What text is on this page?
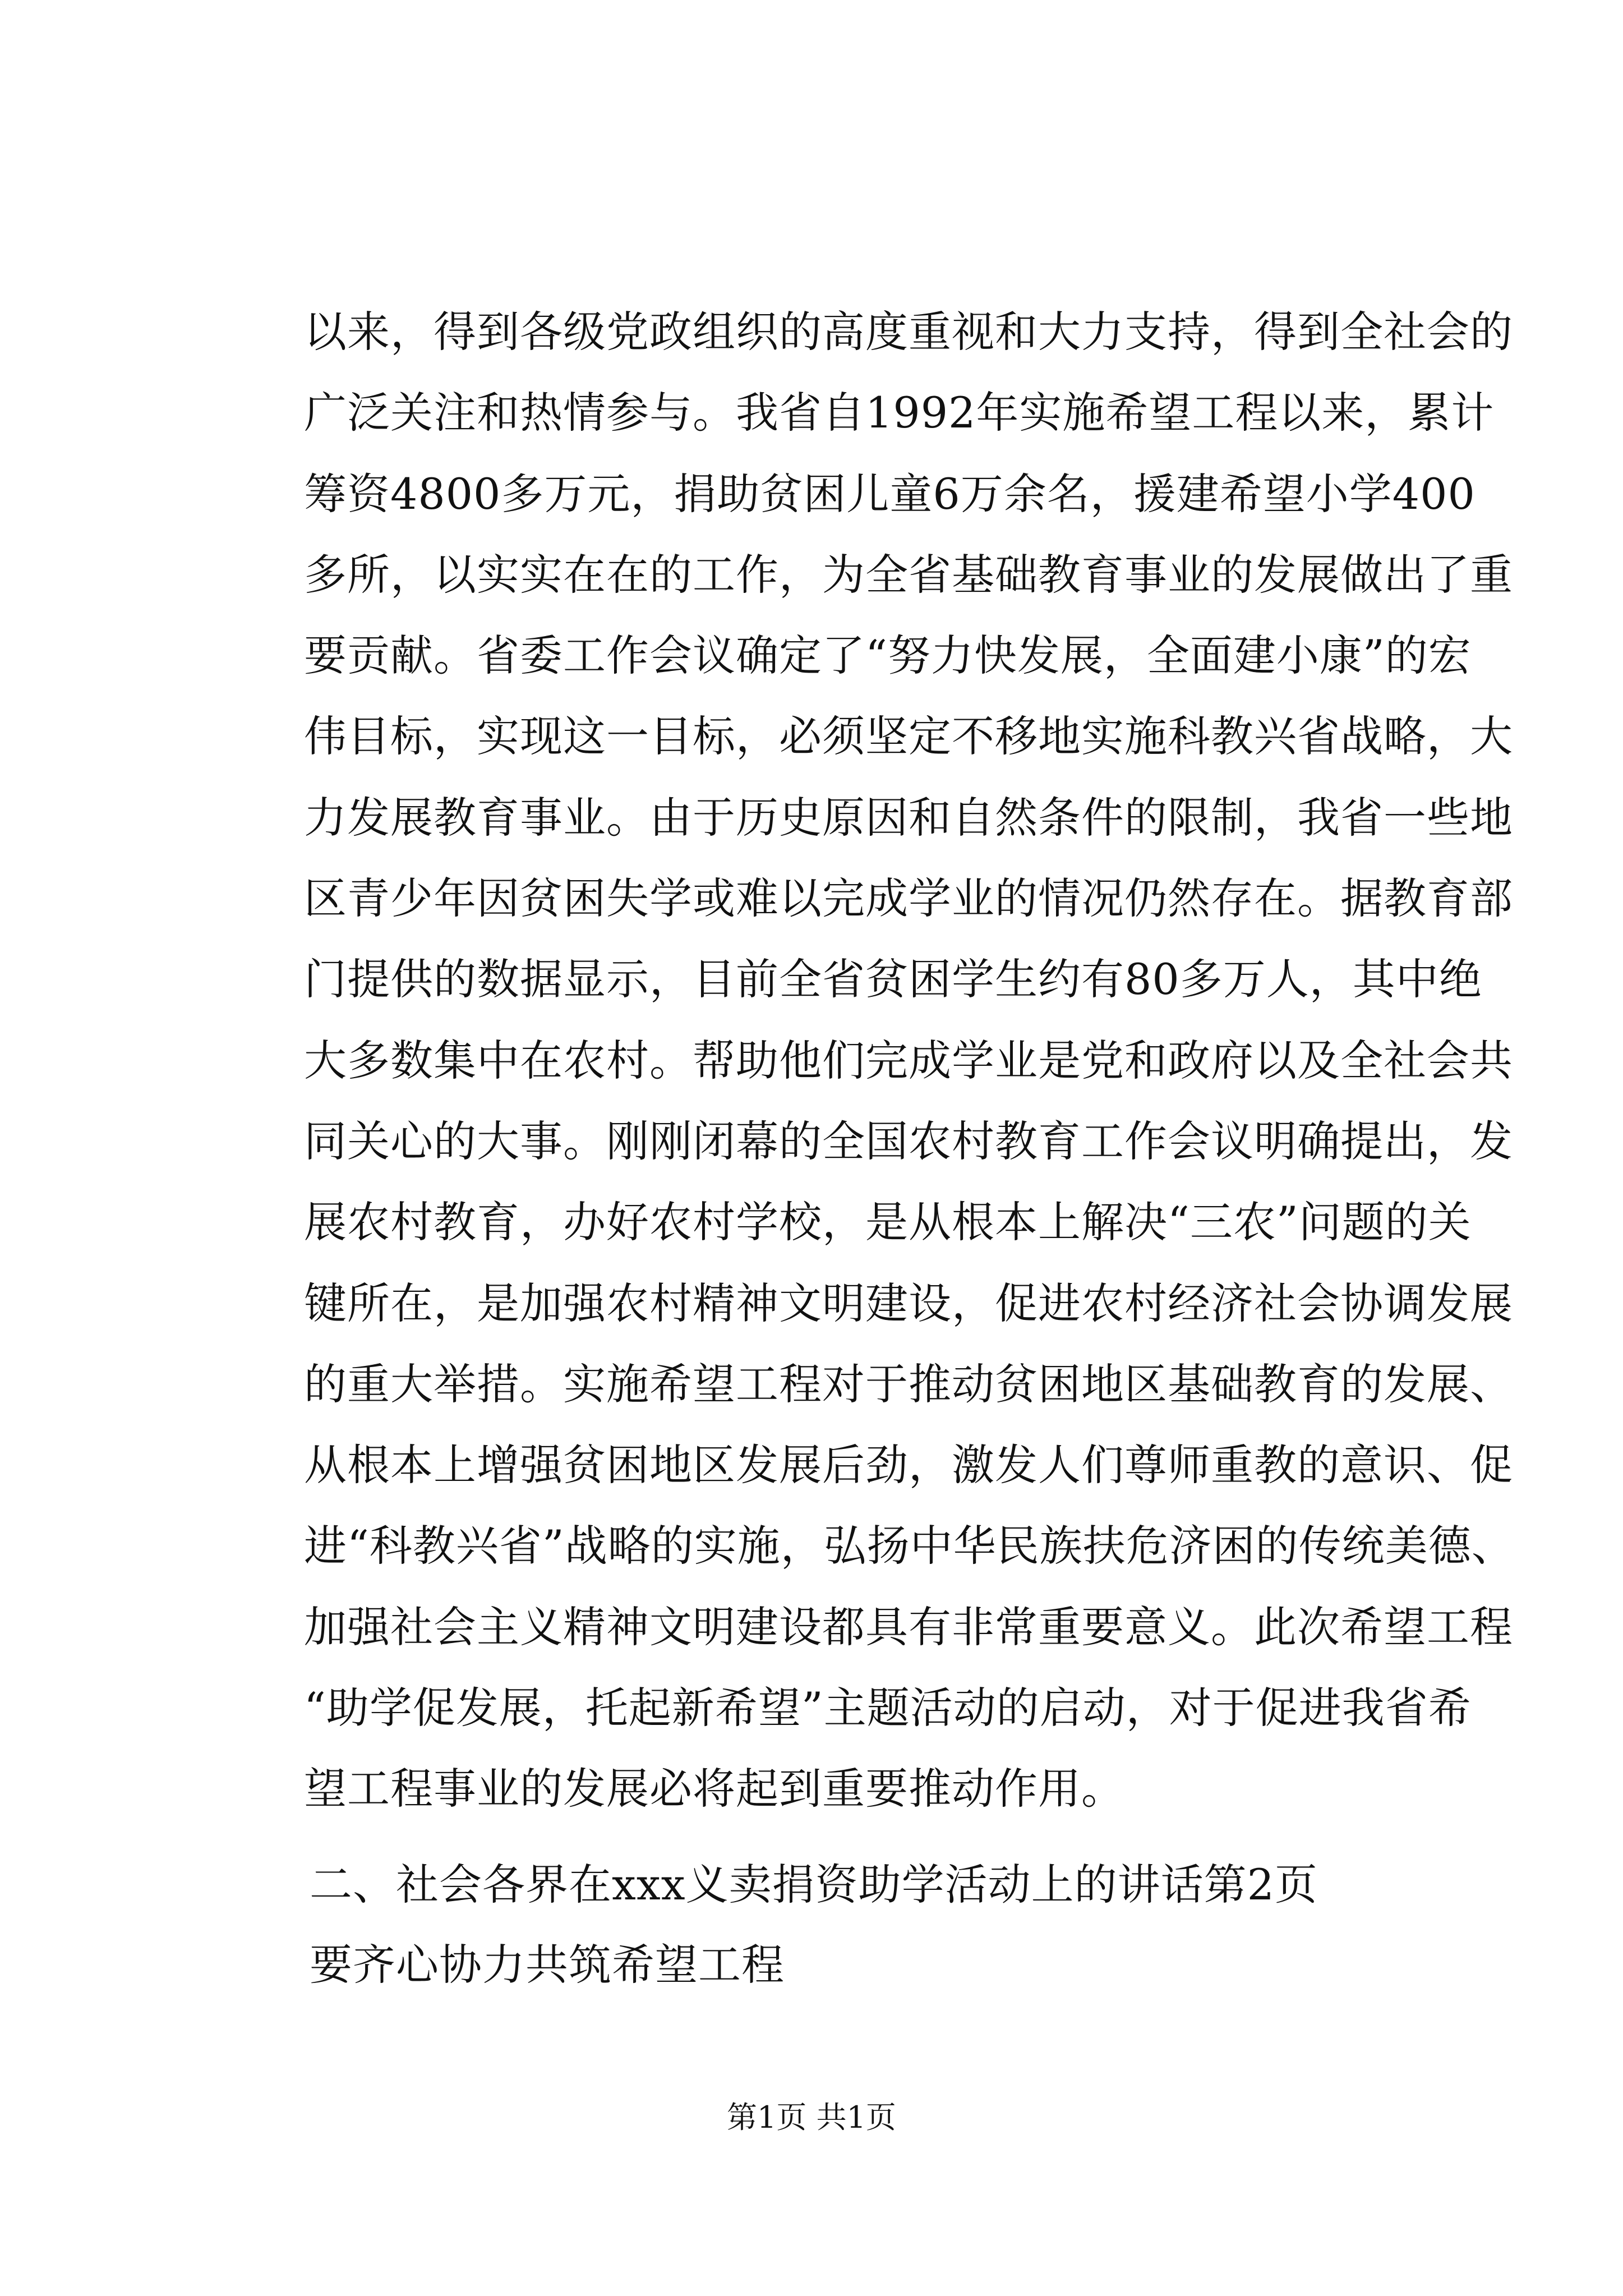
以来，得到各级党政组织的高度重视和大力支持，得到全社会的
广泛关注和热情参与。我省自1992年实施希望工程以来，累计
筹资4800多万元，捐助贫困儿童6万余名，援建希望小学400
多所，以实实在在的工作，为全省基础教育事业的发展做出了重
要贡献。省委工作会议确定了“努力快发展，全面建小康”的宏
伟目标，实现这一目标，必须坚定不移地实施科教兴省战略，大
力发展教育事业。由于历史原因和自然条件的限制，我省一些地
区青少年因贫困失学或难以完成学业的情况仍然存在。据教育部
门提供的数据显示，目前全省贫困学生约有80多万人，其中绝
大多数集中在农村。帮助他们完成学业是党和政府以及全社会共
同关心的大事。刚刚闭幕的全国农村教育工作会议明确提出，发
展农村教育，办好农村学校，是从根本上解决“三农”问题的关
键所在，是加强农村精神文明建设，促进农村经济社会协调发展
的重大举措。实施希望工程对于推动贫困地区基础教育的发展、
从根本上增强贫困地区发展后劲，激发人们尊师重教的意识、促
进“科教兴省”战略的实施，弘扬中华民族扶危济困的传统美德、
加强社会主义精神文明建设都具有非常重要意义。此次希望工程
“助学促发展，托起新希望”主题活动的启动，对于促进我省希
望工程事业的发展必将起到重要推动作用。
二、社会各界在xxx义卖捐资助学活动上的讲话第2页
要齐心协力共筑希望工程
第1页 共1页
